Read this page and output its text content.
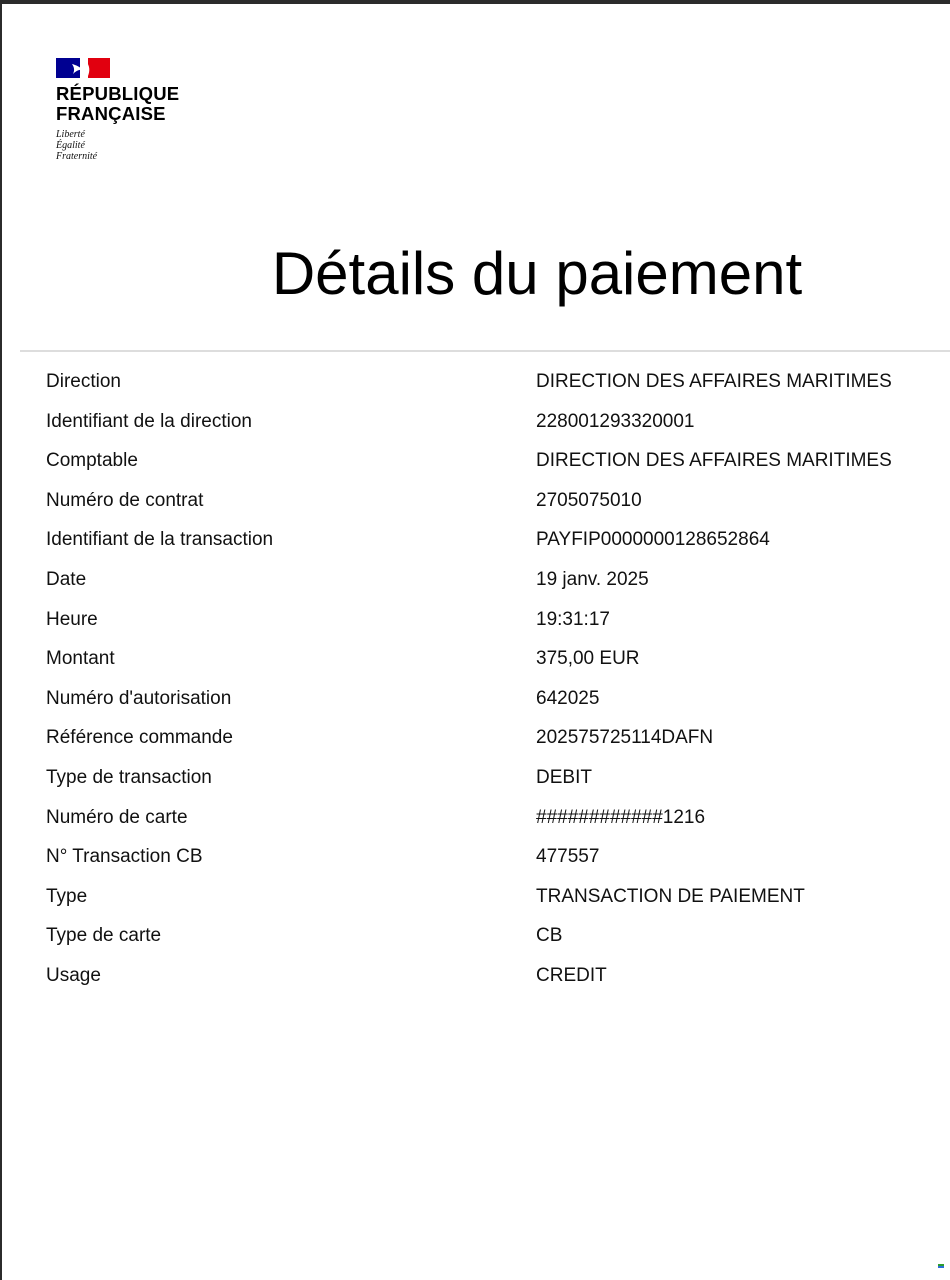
RÉPUBLIQUE
FRANÇAISE
Liberté
Égalité
Fraternité
Détails du paiement
Direction	DIRECTION DES AFFAIRES MARITIMES
Identifiant de la direction	228001293320001
Comptable	DIRECTION DES AFFAIRES MARITIMES
Numéro de contrat	2705075010
Identifiant de la transaction	PAYFIP0000000128652864
Date	19 janv. 2025
Heure	19:31:17
Montant	375,00 EUR
Numéro d'autorisation	642025
Référence commande	202575725114DAFN
Type de transaction	DEBIT
Numéro de carte	############1216
N° Transaction CB	477557
Type	TRANSACTION DE PAIEMENT
Type de carte	CB
Usage	CREDIT
